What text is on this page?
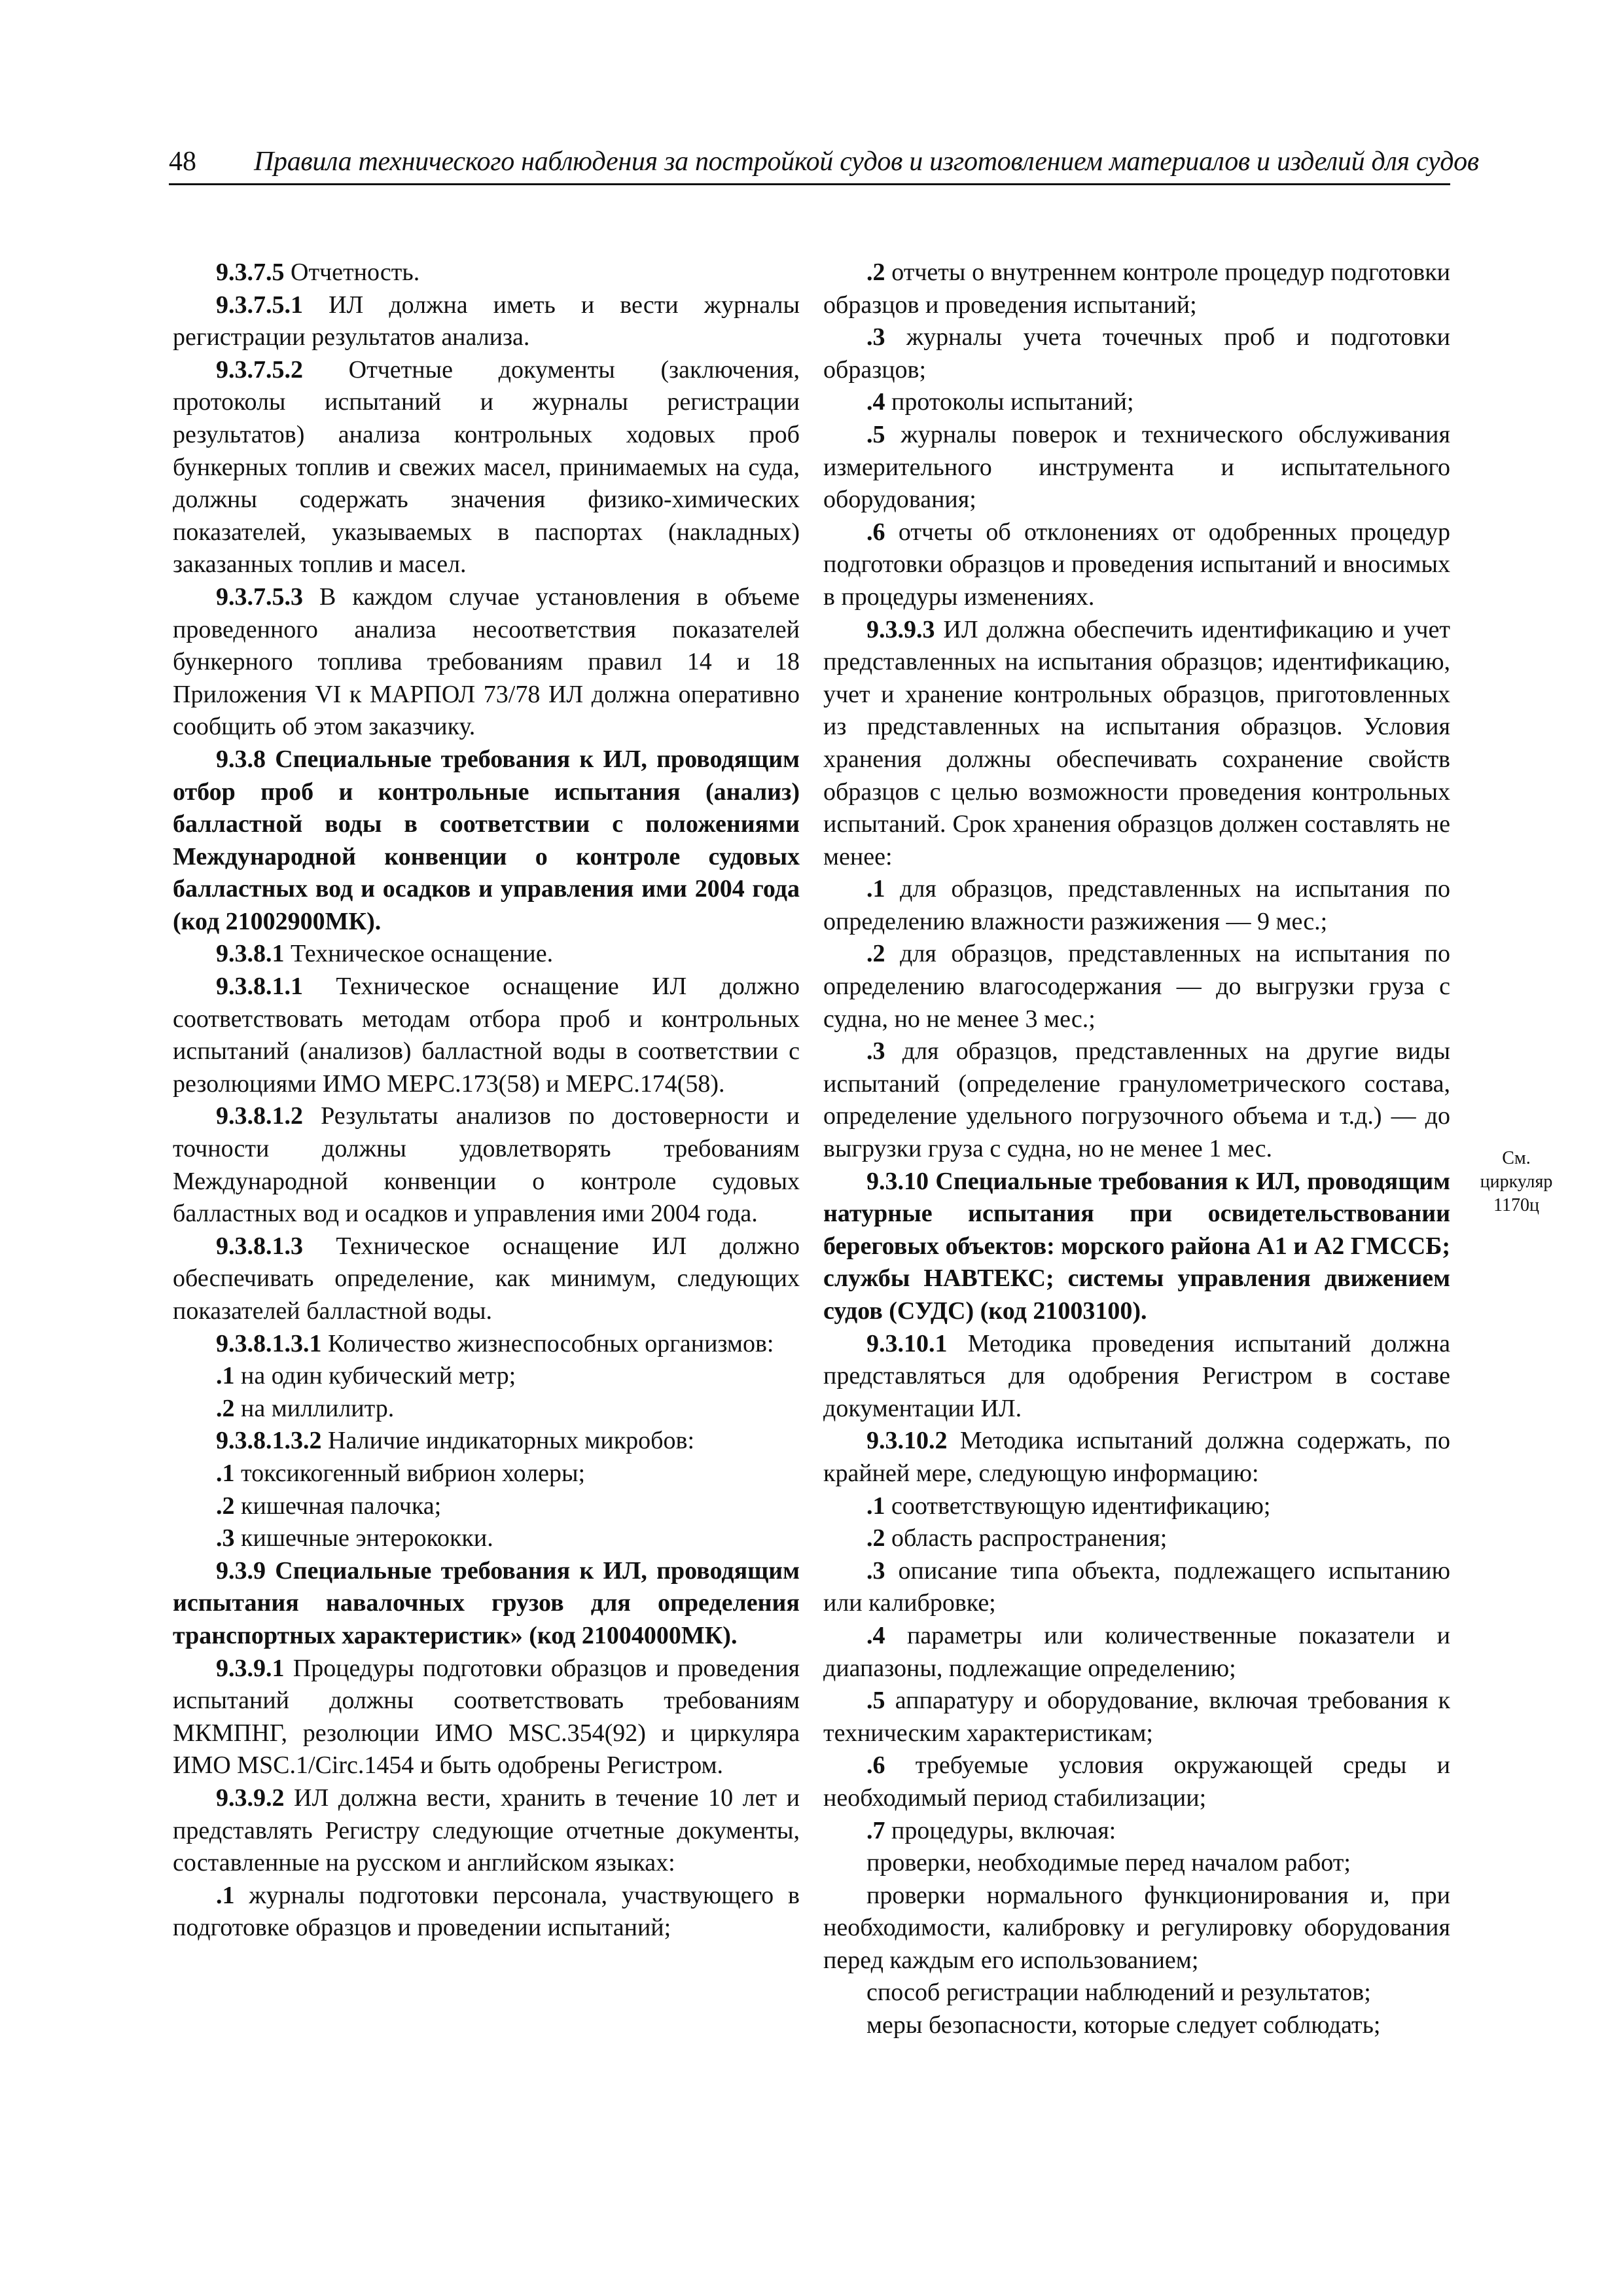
48 Правила технического наблюдения за постройкой судов и изготовлением материалов и изделий для судов

9.3.7.5 Отчетность.

9.3.7.5.1 ИЛ должна иметь и вести журналы регистрации результатов анализа.

9.3.7.5.2 Отчетные документы (заключения, протоколы испытаний и журналы регистрации результатов) анализа контрольных ходовых проб бункерных топлив и свежих масел, принимаемых на суда, должны содержать значения физико-химических показателей, указываемых в паспортах (накладных) заказанных топлив и масел.

9.3.7.5.3 В каждом случае установления в объеме проведенного анализа несоответствия показателей бункерного топлива требованиям правил 14 и 18 Приложения VI к МАРПОЛ 73/78 ИЛ должна оперативно сообщить об этом заказчику.

9.3.8 Специальные требования к ИЛ, проводящим отбор проб и контрольные испытания (анализ) балластной воды в соответствии с положениями Международной конвенции о контроле судовых балластных вод и осадков и управления ими 2004 года (код 21002900МК).

9.3.8.1 Техническое оснащение.

9.3.8.1.1 Техническое оснащение ИЛ должно соответствовать методам отбора проб и контрольных испытаний (анализов) балластной воды в соответствии с резолюциями ИМО МЕРС.173(58) и МЕРС.174(58).

9.3.8.1.2 Результаты анализов по достоверности и точности должны удовлетворять требованиям Международной конвенции о контроле судовых балластных вод и осадков и управления ими 2004 года.

9.3.8.1.3 Техническое оснащение ИЛ должно обеспечивать определение, как минимум, следующих показателей балластной воды.

9.3.8.1.3.1 Количество жизнеспособных организмов:

.1 на один кубический метр;

.2 на миллилитр.

9.3.8.1.3.2 Наличие индикаторных микробов:

.1 токсикогенный вибрион холеры;

.2 кишечная палочка;

.3 кишечные энтерококки.

9.3.9 Специальные требования к ИЛ, проводящим испытания навалочных грузов для определения транспортных характеристик» (код 21004000МК).

9.3.9.1 Процедуры подготовки образцов и проведения испытаний должны соответствовать требованиям МКМПНГ, резолюции ИМО MSC.354(92) и циркуляра ИМО MSC.1/Circ.1454 и быть одобрены Регистром.

9.3.9.2 ИЛ должна вести, хранить в течение 10 лет и представлять Регистру следующие отчетные документы, составленные на русском и английском языках:

.1 журналы подготовки персонала, участвующего в подготовке образцов и проведении испытаний;

.2 отчеты о внутреннем контроле процедур подготовки образцов и проведения испытаний;

.3 журналы учета точечных проб и подготовки образцов;

.4 протоколы испытаний;

.5 журналы поверок и технического обслуживания измерительного инструмента и испытательного оборудования;

.6 отчеты об отклонениях от одобренных процедур подготовки образцов и проведения испытаний и вносимых в процедуры изменениях.

9.3.9.3 ИЛ должна обеспечить идентификацию и учет представленных на испытания образцов; идентификацию, учет и хранение контрольных образцов, приготовленных из представленных на испытания образцов. Условия хранения должны обеспечивать сохранение свойств образцов с целью возможности проведения контрольных испытаний. Срок хранения образцов должен составлять не менее:

.1 для образцов, представленных на испытания по определению влажности разжижения — 9 мес.;

.2 для образцов, представленных на испытания по определению влагосодержания — до выгрузки груза с судна, но не менее 3 мес.;

.3 для образцов, представленных на другие виды испытаний (определение гранулометрического состава, определение удельного погрузочного объема и т.д.) — до выгрузки груза с судна, но не менее 1 мес.

9.3.10 Специальные требования к ИЛ, проводящим натурные испытания при освидетельствовании береговых объектов: морского района А1 и А2 ГМССБ; службы НАВТЕКС; системы управления движением судов (СУДС) (код 21003100).

9.3.10.1 Методика проведения испытаний должна представляться для одобрения Регистром в составе документации ИЛ.

9.3.10.2 Методика испытаний должна содержать, по крайней мере, следующую информацию:

.1 соответствующую идентификацию;

.2 область распространения;

.3 описание типа объекта, подлежащего испытанию или калибровке;

.4 параметры или количественные показатели и диапазоны, подлежащие определению;

.5 аппаратуру и оборудование, включая требования к техническим характеристикам;

.6 требуемые условия окружающей среды и необходимый период стабилизации;

.7 процедуры, включая:

проверки, необходимые перед началом работ;

проверки нормального функционирования и, при необходимости, калибровку и регулировку оборудования перед каждым его использованием;

способ регистрации наблюдений и результатов;

меры безопасности, которые следует соблюдать;

См.
циркуляр
1170ц
